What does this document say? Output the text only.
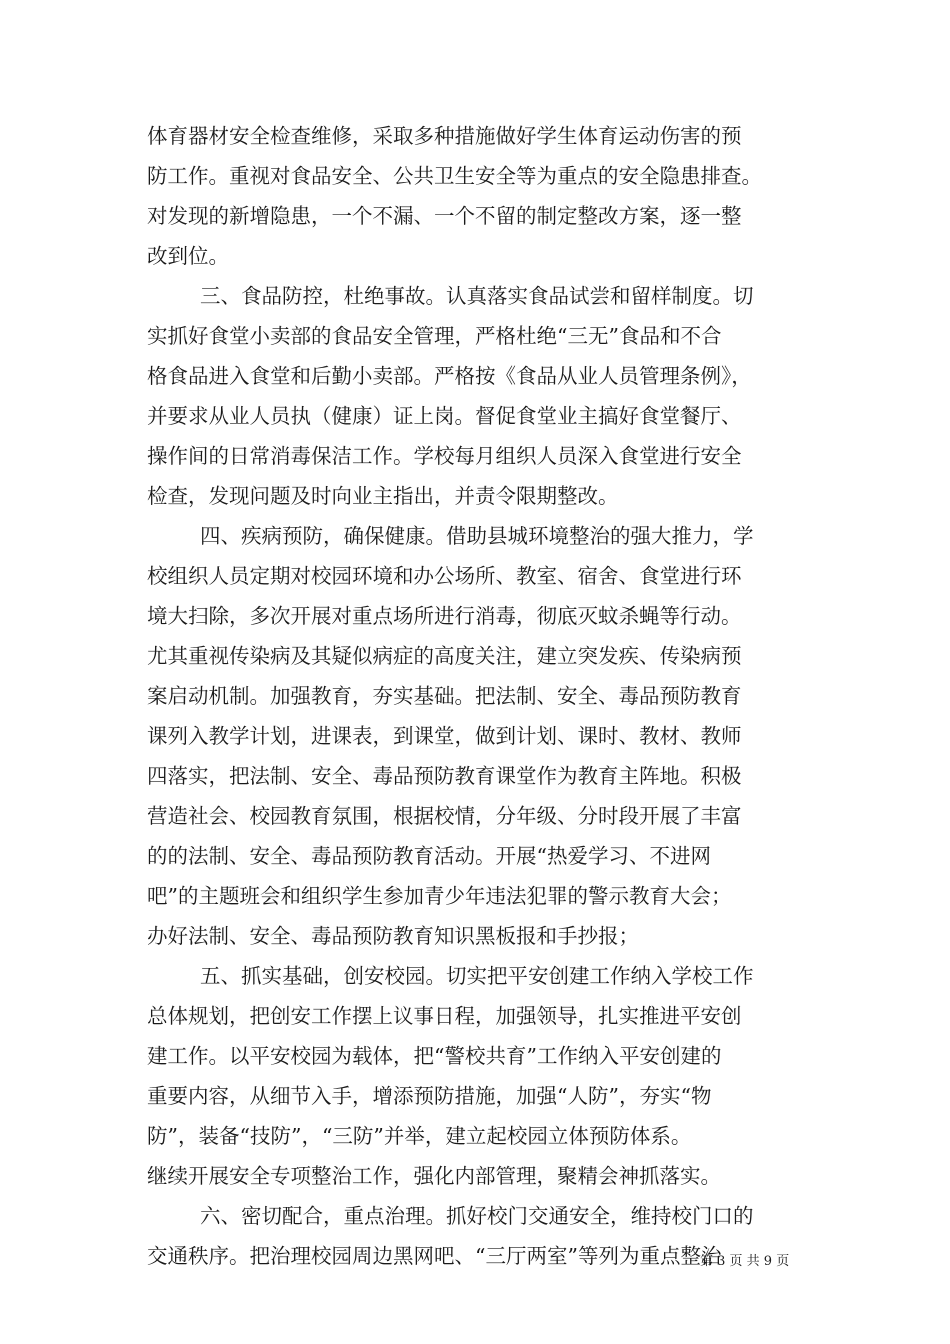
体育器材安全检查维修，采取多种措施做好学生体育运动伤害的预
防工作。重视对食品安全、公共卫生安全等为重点的安全隐患排查。
对发现的新增隐患，一个不漏、一个不留的制定整改方案，逐一整
改到位。
三、食品防控，杜绝事故。认真落实食品试尝和留样制度。切
实抓好食堂小卖部的食品安全管理，严格杜绝“三无”食品和不合
格食品进入食堂和后勤小卖部。严格按《食品从业人员管理条例》，
并要求从业人员执（健康）证上岗。督促食堂业主搞好食堂餐厅、
操作间的日常消毒保洁工作。学校每月组织人员深入食堂进行安全
检查，发现问题及时向业主指出，并责令限期整改。
四、疾病预防，确保健康。借助县城环境整治的强大推力，学
校组织人员定期对校园环境和办公场所、教室、宿舍、食堂进行环
境大扫除，多次开展对重点场所进行消毒，彻底灭蚊杀蝇等行动。
尤其重视传染病及其疑似病症的高度关注，建立突发疾、传染病预
案启动机制。加强教育，夯实基础。把法制、安全、毒品预防教育
课列入教学计划，进课表，到课堂，做到计划、课时、教材、教师
四落实，把法制、安全、毒品预防教育课堂作为教育主阵地。积极
营造社会、校园教育氛围，根据校情，分年级、分时段开展了丰富
的的法制、安全、毒品预防教育活动。开展“热爱学习、不进网
吧”的主题班会和组织学生参加青少年违法犯罪的警示教育大会；
办好法制、安全、毒品预防教育知识黑板报和手抄报；
五、抓实基础，创安校园。切实把平安创建工作纳入学校工作
总体规划，把创安工作摆上议事日程，加强领导，扎实推进平安创
建工作。以平安校园为载体，把“警校共育”工作纳入平安创建的
重要内容，从细节入手，增添预防措施，加强“人防”，夯实“物
防”，装备“技防”，“三防”并举，建立起校园立体预防体系。
继续开展安全专项整治工作，强化内部管理，聚精会神抓落实。
六、密切配合，重点治理。抓好校门交通安全，维持校门口的
交通秩序。把治理校园周边黑网吧、“三厅两室”等列为重点整治
第 3 页 共 9 页
